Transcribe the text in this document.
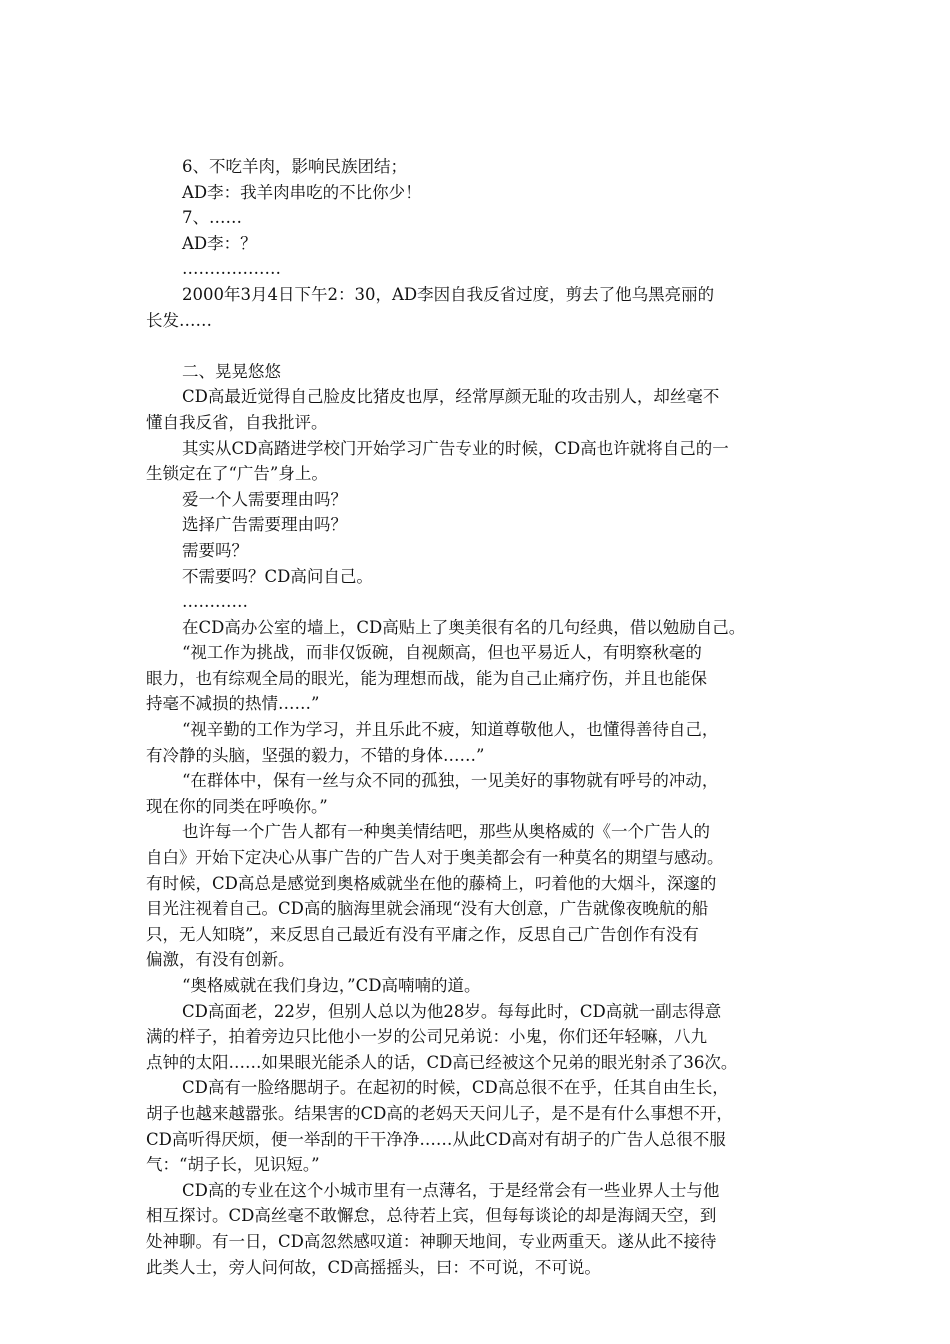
6、不吃羊肉，影响民族团结；
AD李：我羊肉串吃的不比你少！
7、……
AD李：？
………………
2000年3月4日下午2：30，AD李因自我反省过度，剪去了他乌黑亮丽的
长发……
二、晃晃悠悠
CD高最近觉得自己脸皮比猪皮也厚，经常厚颜无耻的攻击别人，却丝毫不
懂自我反省，自我批评。
其实从CD高踏进学校门开始学习广告专业的时候，CD高也许就将自己的一
生锁定在了“广告”身上。
爱一个人需要理由吗？
选择广告需要理由吗？
需要吗？
不需要吗？CD高问自己。
…………
在CD高办公室的墙上，CD高贴上了奥美很有名的几句经典，借以勉励自己。
“视工作为挑战，而非仅饭碗，自视颇高，但也平易近人，有明察秋毫的
眼力，也有综观全局的眼光，能为理想而战，能为自己止痛疗伤，并且也能保
持毫不减损的热情……”
“视辛勤的工作为学习，并且乐此不疲，知道尊敬他人，也懂得善待自己，
有冷静的头脑，坚强的毅力，不错的身体……”
“在群体中，保有一丝与众不同的孤独，一见美好的事物就有呼号的冲动，
现在你的同类在呼唤你。”
也许每一个广告人都有一种奥美情结吧，那些从奥格威的《一个广告人的
自白》开始下定决心从事广告的广告人对于奥美都会有一种莫名的期望与感动。
有时候，CD高总是感觉到奥格威就坐在他的藤椅上，叼着他的大烟斗，深邃的
目光注视着自己。CD高的脑海里就会涌现“没有大创意，广告就像夜晚航的船
只，无人知晓”，来反思自己最近有没有平庸之作，反思自己广告创作有没有
偏激，有没有创新。
“奥格威就在我们身边，”CD高喃喃的道。
CD高面老，22岁，但别人总以为他28岁。每每此时，CD高就一副志得意
满的样子，拍着旁边只比他小一岁的公司兄弟说：小鬼，你们还年轻嘛，八九
点钟的太阳……如果眼光能杀人的话，CD高已经被这个兄弟的眼光射杀了36次。
CD高有一脸络腮胡子。在起初的时候，CD高总很不在乎，任其自由生长，
胡子也越来越嚣张。结果害的CD高的老妈天天问儿子，是不是有什么事想不开，
CD高听得厌烦，便一举刮的干干净净……从此CD高对有胡子的广告人总很不服
气：“胡子长，见识短。”
CD高的专业在这个小城市里有一点薄名，于是经常会有一些业界人士与他
相互探讨。CD高丝毫不敢懈怠，总待若上宾，但每每谈论的却是海阔天空，到
处神聊。有一日，CD高忽然感叹道：神聊天地间，专业两重天。遂从此不接待
此类人士，旁人问何故，CD高摇摇头，曰：不可说，不可说。
